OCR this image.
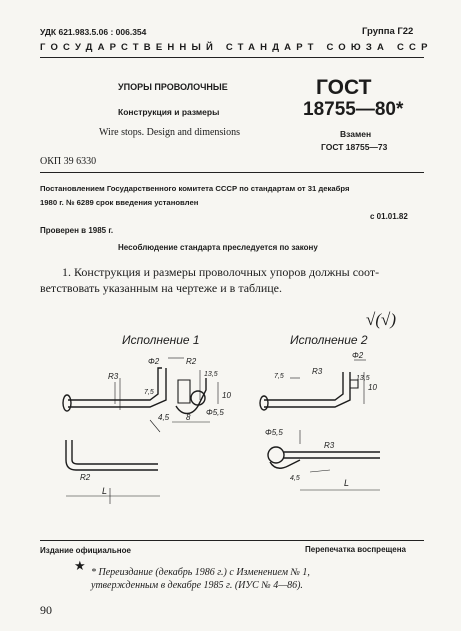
УДК 621.983.5.06 : 006.354	Группа Г22
ГОСУДАРСТВЕННЫЙ СТАНДАРТ СОЮЗА ССР
УПОРЫ ПРОВОЛОЧНЫЕ
Конструкция и размеры
Wire stops. Design and dimensions
ГОСТ
18755—80*
Взамен
ГОСТ 18755—73
ОКП 39 6330
Постановлением Государственного комитета СССР по стандартам от 31 декабря
1980 г. № 6289 срок введения установлен
с 01.01.82
Проверен в 1985 г.
Несоблюдение стандарта преследуется по закону
1. Конструкция и размеры проволочных упоров должны соот-
ветствовать указанным на чертеже и в таблице.
√(√)
Исполнение 1	Исполнение 2
Φ2	R2
R3	13,5
7,5	10
4,5 8
Φ5,5
R2
L
Φ2
R3
7,5	13,5
10
Φ5,5
R3
4,5	L
Издание официальное	Перепечатка воспрещена
★ * Переиздание (декабрь 1986 г.) с Изменением № 1,
утвержденным в декабре 1985 г. (ИУС № 4—86).
90
